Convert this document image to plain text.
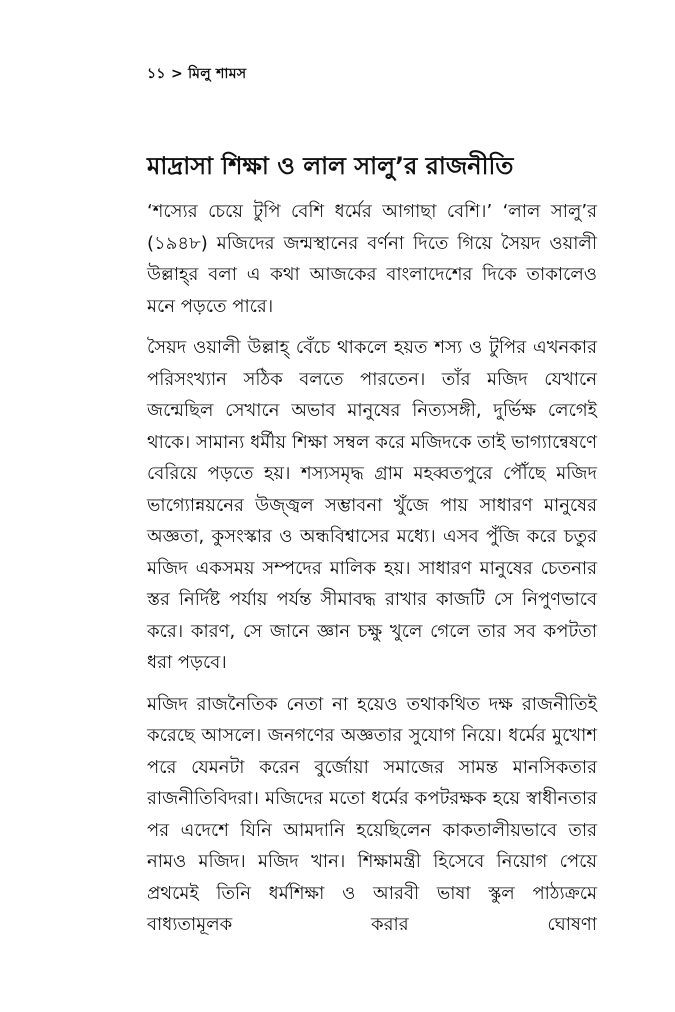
১১ > মিলু শামস
মাদ্রাসা শিক্ষা ও লাল সালু’র রাজনীতি

‘শস্যের চেয়ে টুপি বেশি ধর্মের আগাছা বেশি।’ ‘লাল সালু’র (১৯৪৮) মজিদের জন্মস্থানের বর্ণনা দিতে গিয়ে সৈয়দ ওয়ালী উল্লাহ্‌র বলা এ কথা আজকের বাংলাদেশের দিকে তাকালেও মনে পড়তে পারে।

সৈয়দ ওয়ালী উল্লাহ্‌ বেঁচে থাকলে হয়ত শস্য ও টুপির এখনকার পরিসংখ্যান সঠিক বলতে পারতেন। তাঁর মজিদ যেখানে জন্মেছিল সেখানে অভাব মানুষের নিত্যসঙ্গী, দুর্ভিক্ষ লেগেই থাকে। সামান্য ধর্মীয় শিক্ষা সম্বল করে মজিদকে তাই ভাগ্যান্বেষণে বেরিয়ে পড়তে হয়। শস্যসমৃদ্ধ গ্রাম মহব্বতপুরে পৌঁছে মজিদ ভাগ্যোন্নয়নের উজ্জ্বল সম্ভাবনা খুঁজে পায় সাধারণ মানুষের অজ্ঞতা, কুসংস্কার ও অন্ধবিশ্বাসের মধ্যে। এসব পুঁজি করে চতুর মজিদ একসময় সম্পদের মালিক হয়। সাধারণ মানুষের চেতনার স্তর নির্দিষ্ট পর্যায় পর্যন্ত সীমাবদ্ধ রাখার কাজটি সে নিপুণভাবে করে। কারণ, সে জানে জ্ঞান চক্ষু খুলে গেলে তার সব কপটতা ধরা পড়বে।

মজিদ রাজনৈতিক নেতা না হয়েও তথাকথিত দক্ষ রাজনীতিই করেছে আসলে। জনগণের অজ্ঞতার সুযোগ নিয়ে। ধর্মের মুখোশ পরে যেমনটা করেন বুর্জোয়া সমাজের সামন্ত মানসিকতার রাজনীতিবিদরা। মজিদের মতো ধর্মের কপটরক্ষক হয়ে স্বাধীনতার পর এদেশে যিনি আমদানি হয়েছিলেন কাকতালীয়ভাবে তার নামও মজিদ। মজিদ খান। শিক্ষামন্ত্রী হিসেবে নিয়োগ পেয়ে প্রথমেই তিনি ধর্মশিক্ষা ও আরবী ভাষা স্কুল পাঠ্যক্রমে বাধ্যতামূলক করার ঘোষণা
